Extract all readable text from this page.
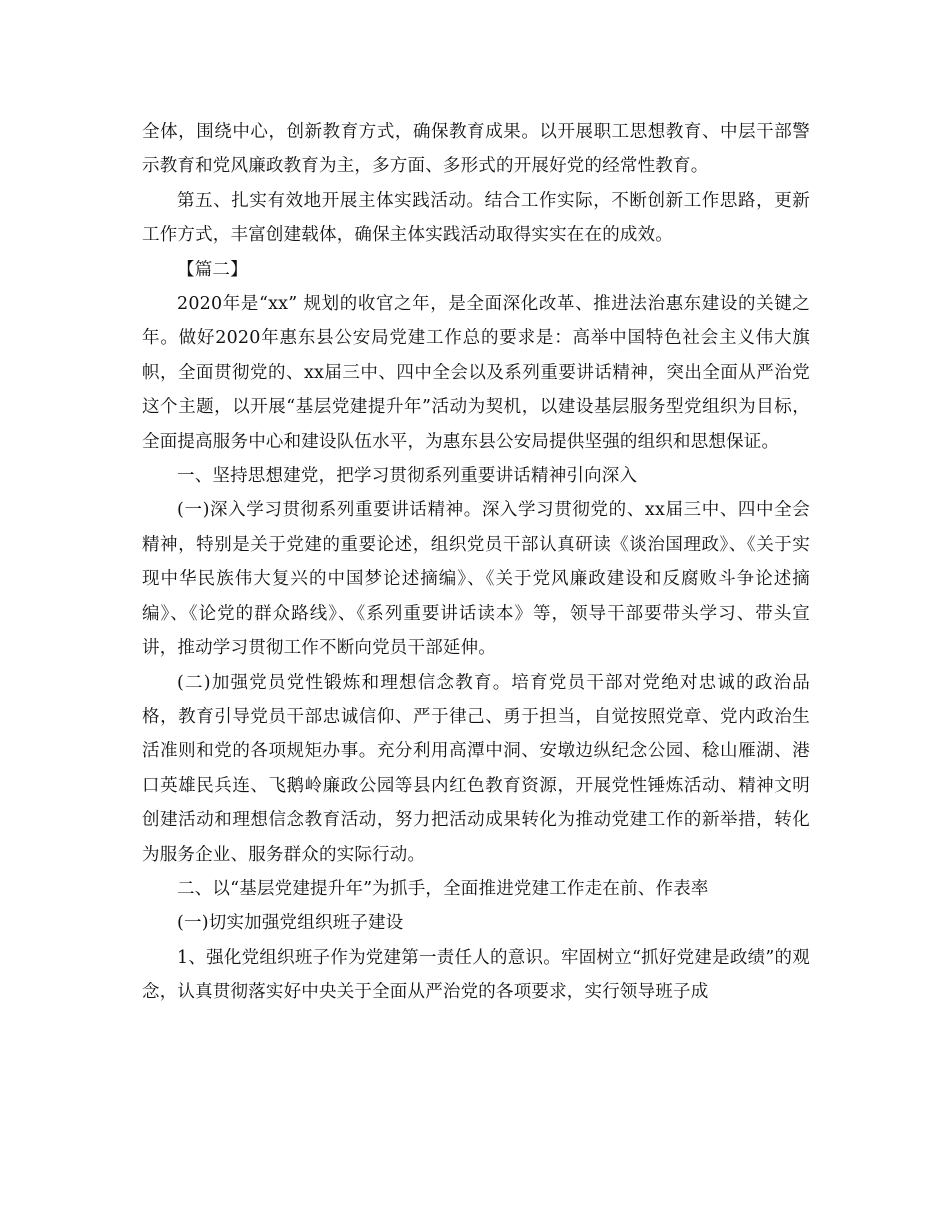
全体，围绕中心，创新教育方式，确保教育成果。以开展职工思想教育、中层干部警示教育和党风廉政教育为主，多方面、多形式的开展好党的经常性教育。

第五、扎实有效地开展主体实践活动。结合工作实际，不断创新工作思路，更新工作方式，丰富创建载体，确保主体实践活动取得实实在在的成效。

【篇二】

2020年是“xx” 规划的收官之年，是全面深化改革、推进法治惠东建设的关键之年。做好2020年惠东县公安局党建工作总的要求是：高举中国特色社会主义伟大旗帜，全面贯彻党的、xx届三中、四中全会以及系列重要讲话精神，突出全面从严治党这个主题，以开展“基层党建提升年”活动为契机，以建设基层服务型党组织为目标，全面提高服务中心和建设队伍水平，为惠东县公安局提供坚强的组织和思想保证。

一、坚持思想建党，把学习贯彻系列重要讲话精神引向深入

(一)深入学习贯彻系列重要讲话精神。深入学习贯彻党的、xx届三中、四中全会精神，特别是关于党建的重要论述，组织党员干部认真研读《谈治国理政》、《关于实现中华民族伟大复兴的中国梦论述摘编》、《关于党风廉政建设和反腐败斗争论述摘编》、《论党的群众路线》、《系列重要讲话读本》等，领导干部要带头学习、带头宣讲，推动学习贯彻工作不断向党员干部延伸。

(二)加强党员党性锻炼和理想信念教育。培育党员干部对党绝对忠诚的政治品格，教育引导党员干部忠诚信仰、严于律己、勇于担当，自觉按照党章、党内政治生活准则和党的各项规矩办事。充分利用高潭中洞、安墩边纵纪念公园、稔山雁湖、港口英雄民兵连、飞鹅岭廉政公园等县内红色教育资源，开展党性锤炼活动、精神文明创建活动和理想信念教育活动，努力把活动成果转化为推动党建工作的新举措，转化为服务企业、服务群众的实际行动。

二、以“基层党建提升年”为抓手，全面推进党建工作走在前、作表率

(一)切实加强党组织班子建设

1、强化党组织班子作为党建第一责任人的意识。牢固树立“抓好党建是政绩”的观念，认真贯彻落实好中央关于全面从严治党的各项要求，实行领导班子成
